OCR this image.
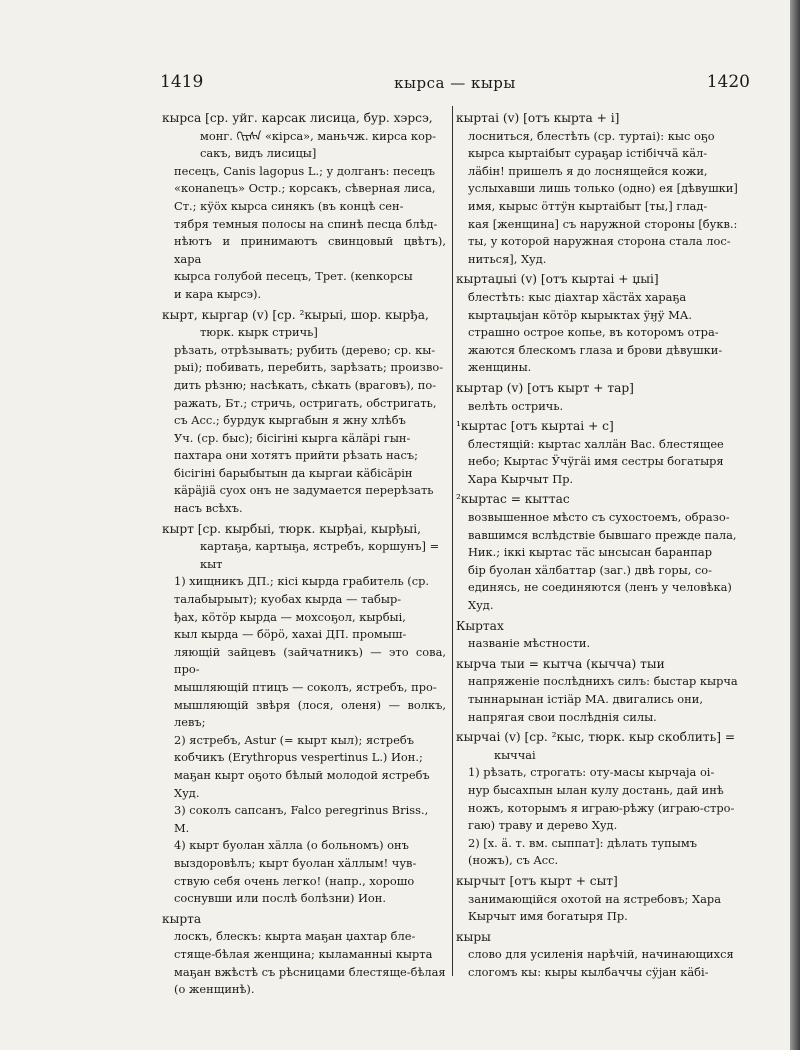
1419	кырса — кыры	1420
кырса [ср. уйг. карсак лисица, бур. хэрсэ,
монг. ᠬᠢᠷᠰᠠ «кірса», маньчж. кирса кор-
сакъ, видъ лисицы]
песецъ, Canis lagopus L.; у долганъ: песецъ
«конаnецъ» Остр.; корсакъ, сѣверная лиса,
Ст.; кӱöх кырса синякъ (въ концѣ сен-
тября темныя полосы на спинѣ песца блѣд-
нѣютъ и принимаютъ свинцовый цвѣтъ), хара
кырса голубой песецъ, Трет. (кеnкорсы
и кара кырсэ).
кырт, кыргар (v) [ср. ²кырыі, шор. кырђа,
тюрк. кырк стричь]
рѣзать, отрѣзывать; рубить (дерево; ср. кы-
рыі); побивать, перебить, зарѣзать; произво-
дить рѣзню; насѣкать, сѣкать (враговъ), по-
ражать, Бт.; стричь, остригать, обстригать,
съ Acc.; бурдук кыргабын я жну хлѣбъ
Уч. (ср. быс); бісігіні кырга кӓлӓрі гын-
пахтара они хотятъ прийти рѣзать насъ;
бісігіні барыбытын да кыргаи кӓбісӓрін
кӓрӓјіӓ суох онъ не задумается перерѣзать
насъ всѣхъ.
кырт [ср. кырбыі, тюрк. кырђаі, кырђыі,
картаҕа, картыҕа, ястребъ, коршунъ] =
кыт
1) хищникъ ДП.; кісі кырда грабитель (ср.
талабырыыт); куобах кырда — табыр-
ђах, кӧтӧр кырда — мохсоҕол, кырбыі,
кыл кырда — бӧрӧ, хахаі ДП. промыш-
ляющій зайцевъ (зайчатникъ) — это сова, про-
мышляющій птицъ — соколъ, ястребъ, про-
мышляющій звѣря (лося, оленя) — волкъ, левъ;
2) ястребъ, Astur (= кырт кыл); ястребъ
кобчикъ (Erythropus vespertinus L.) Ион.;
маҕан кырт оҕото бѣлый молодой ястребъ
Худ.
3) соколъ сапсанъ, Falco peregrinus Briss.,
М.
4) кырт буолан хӓлла (о больномъ) онъ
выздоровѣлъ; кырт буолан хӓллым! чув-
ствую себя очень легко! (напр., хорошо
соснувши или послѣ болѣзни) Ион.
кырта
лоскъ, блескъ: кырта маҕан џахтар бле-
стяще-бѣлая женщина; кыламанныі кырта
маҕан вжѣстѣ съ рѣсницами блестяще-бѣлая
(о женщинѣ).
кыртаі (v) [отъ кырта + і]
лосниться, блестѣть (ср. туртаі): кыс оҕо
кырса кыртаібыт сураҕар істібіччӓ кӓл-
лӓбін! пришелъ я до лоснящейся кожи,
услыхавши лишь только (одно) ея [дѣвушки]
имя, кырыс ӧттӱн кыртаібыт [ты,] глад-
кая [женщина] съ наружной стороны [букв.:
ты, у которой наружная сторона стала лос-
ниться], Худ.
кыртаџыі (v) [отъ кыртаі + џыі]
блестѣть: кыс діахтар хӓстӓх хараҕа
кыртаџыјан кӧтӧр кырыктах ӱӈӱ МА.
страшно острое копье, въ которомъ отра-
жаются блескомъ глаза и брови дѣвушки-
женщины.
кыртар (v) [отъ кырт + тар]
велѣть остричь.
¹кыртас [отъ кыртаі + с]
блестящій: кыртас халлӓн Вас. блестящее
небо; Кыртас Ӱчӱгӓі имя сестры богатыря
Хара Кырчыт Пр.
²кыртас = кыттас
возвышенное мѣсто съ сухостоемъ, образо-
вавшимся вслѣдствіе бывшаго прежде пала,
Ник.; іккі кыртас тӓс ынсысан баранпар
бір буолан хӓлбаттар (заг.) двѣ горы, со-
единясь, не соединяются (ленъ у человѣка)
Худ.
Кыртах
названіе мѣстности.
кырча тыи = кытча (кычча) тыи
напряженіе послѣднихъ силъ: быстар кырча
тыннарынан істіӓр МА. двигались они,
напрягая свои послѣднія силы.
кырчаі (v) [ср. ²кыс, тюрк. кыр скоблить] =
кыччаі
1) рѣзать, строгать: оту-масы кырчаја оі-
нур бысахпын ылан кулу достань, дай инѣ
ножъ, которымъ я играю-рѣжу (играю-стро-
гаю) траву и дерево Худ.
2) [х. ӓ. т. вм. сыппат]: дѣлать тупымъ
(ножъ), съ Acc.
кырчыт [отъ кырт + сыт]
занимающійся охотой на ястребовъ; Хара
Кырчыт имя богатыря Пр.
кыры
слово для усиленія нарѣчій, начинающихся
слогомъ кы: кыры кылбаччы сӱјан кӓбі-
